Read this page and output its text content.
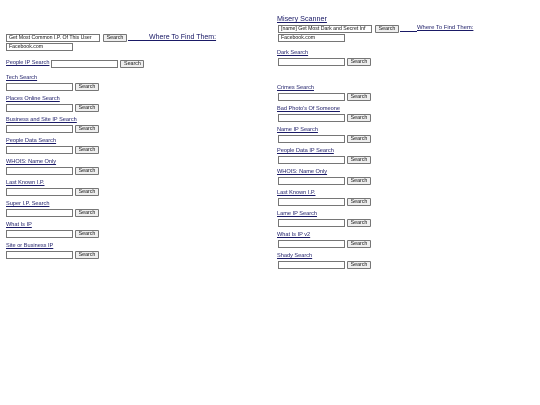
Get Most Common I.P. Of This User
Search	Where To Find Them:
Facebook.com
People IP Search	Search
Tech Search
Search
Places Online Search
Search
Business and Site IP Search
Search
People Data Search
Search
WHOIS: Name Only
Search
Last Known I.P.
Search
Super I.P. Search
Search
What Is IP
Search
Site or Business IP
Search
Misery Scanner
[name] Get Most Dark and Secret Inf
Search	Where To Find Them:
Facebook.com
Dark Search
Search
Crimes Search
Search
Bad Photo's Of Someone
Search
Name IP Search
Search
People Data IP Search
Search
WHOIS: Name Only
Search
Last Known I.P.
Search
Lame IP Search
Search
What Is IP v2
Search
Shady Search
Search
